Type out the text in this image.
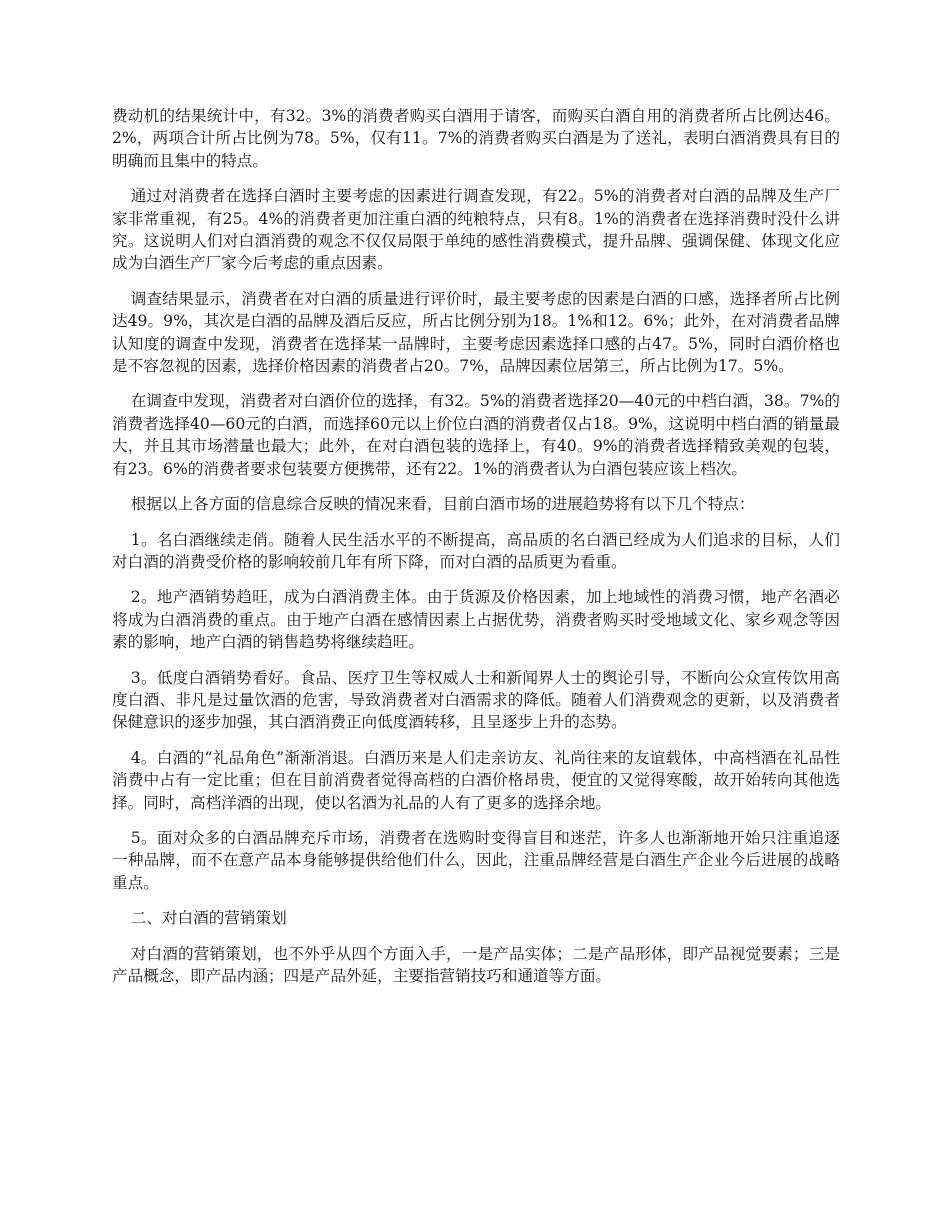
费动机的结果统计中，有32。3%的消费者购买白酒用于请客，而购买白酒自用的消费者所占比例达46。2%，两项合计所占比例为78。5%，仅有11。7%的消费者购买白酒是为了送礼，表明白酒消费具有目的明确而且集中的特点。

通过对消费者在选择白酒时主要考虑的因素进行调查发现，有22。5%的消费者对白酒的品牌及生产厂家非常重视，有25。4%的消费者更加注重白酒的纯粮特点，只有8。1%的消费者在选择消费时没什么讲究。这说明人们对白酒消费的观念不仅仅局限于单纯的感性消费模式，提升品牌、强调保健、体现文化应成为白酒生产厂家今后考虑的重点因素。

调查结果显示，消费者在对白酒的质量进行评价时，最主要考虑的因素是白酒的口感，选择者所占比例达49。9%，其次是白酒的品牌及酒后反应，所占比例分别为18。1%和12。6%；此外，在对消费者品牌认知度的调查中发现，消费者在选择某一品牌时，主要考虑因素选择口感的占47。5%，同时白酒价格也是不容忽视的因素，选择价格因素的消费者占20。7%，品牌因素位居第三，所占比例为17。5%。

在调查中发现，消费者对白酒价位的选择，有32。5%的消费者选择20—40元的中档白酒，38。7%的消费者选择40—60元的白酒，而选择60元以上价位白酒的消费者仅占18。9%，这说明中档白酒的销量最大，并且其市场潜量也最大；此外，在对白酒包装的选择上，有40。9%的消费者选择精致美观的包装，有23。6%的消费者要求包装要方便携带，还有22。1%的消费者认为白酒包装应该上档次。

根据以上各方面的信息综合反映的情况来看，目前白酒市场的进展趋势将有以下几个特点：

1。名白酒继续走俏。随着人民生活水平的不断提高，高品质的名白酒已经成为人们追求的目标，人们对白酒的消费受价格的影响较前几年有所下降，而对白酒的品质更为看重。

2。地产酒销势趋旺，成为白酒消费主体。由于货源及价格因素，加上地域性的消费习惯，地产名酒必将成为白酒消费的重点。由于地产白酒在感情因素上占据优势，消费者购买时受地域文化、家乡观念等因素的影响，地产白酒的销售趋势将继续趋旺。

3。低度白酒销势看好。食品、医疗卫生等权威人士和新闻界人士的舆论引导，不断向公众宣传饮用高度白酒、非凡是过量饮酒的危害，导致消费者对白酒需求的降低。随着人们消费观念的更新，以及消费者保健意识的逐步加强，其白酒消费正向低度酒转移，且呈逐步上升的态势。

4。白酒的“礼品角色”渐渐消退。白酒历来是人们走亲访友、礼尚往来的友谊载体，中高档酒在礼品性消费中占有一定比重；但在目前消费者觉得高档的白酒价格昂贵，便宜的又觉得寒酸，故开始转向其他选择。同时，高档洋酒的出现，使以名酒为礼品的人有了更多的选择余地。

5。面对众多的白酒品牌充斥市场，消费者在选购时变得盲目和迷茫，许多人也渐渐地开始只注重追逐一种品牌，而不在意产品本身能够提供给他们什么，因此，注重品牌经营是白酒生产企业今后进展的战略重点。

二、对白酒的营销策划

对白酒的营销策划，也不外乎从四个方面入手，一是产品实体；二是产品形体，即产品视觉要素；三是产品概念，即产品内涵；四是产品外延，主要指营销技巧和通道等方面。
